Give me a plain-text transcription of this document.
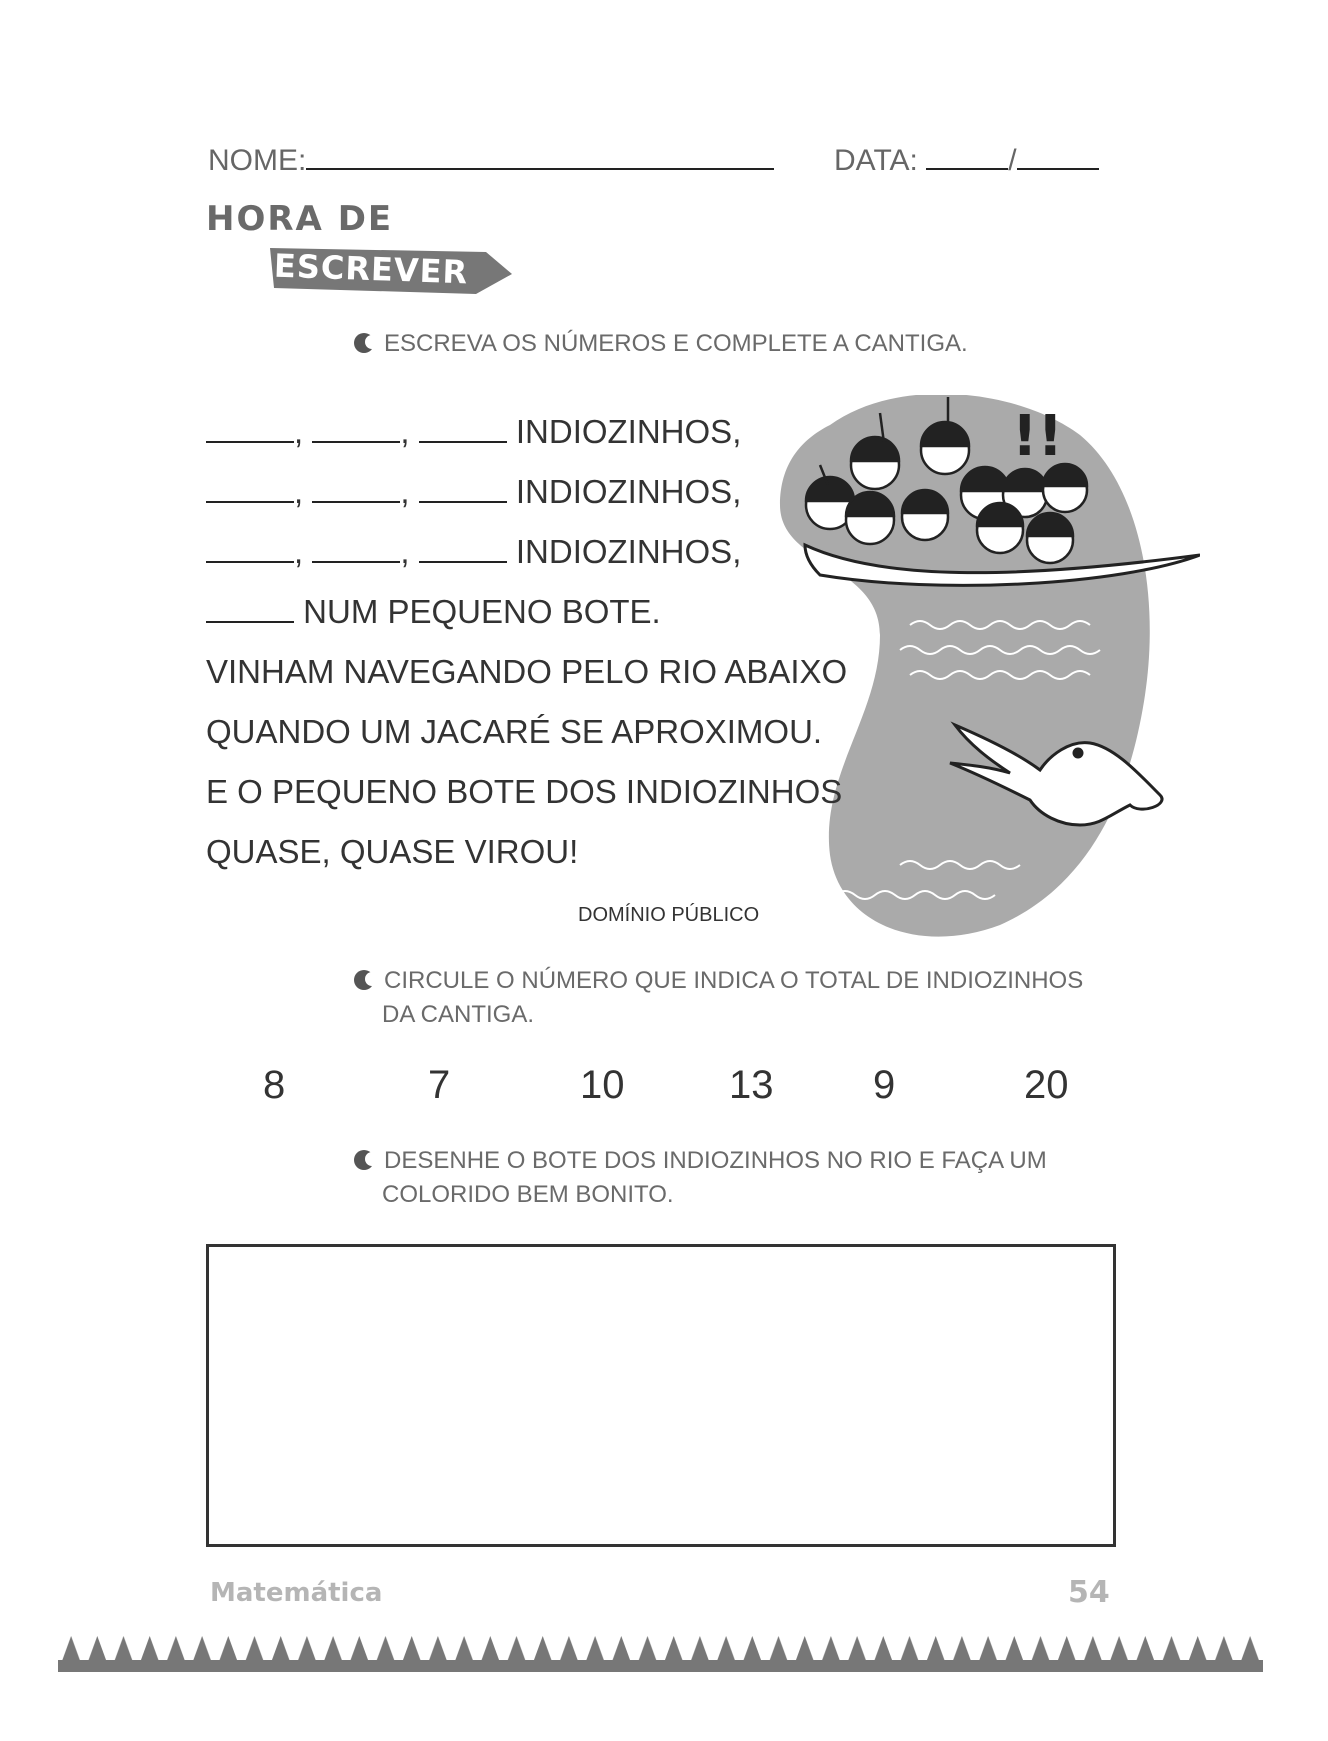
NOME:	DATA:	/
HORA DE
ESCREVER
ESCREVA OS NÚMEROS E COMPLETE A CANTIGA.
!!
,	,	INDIOZINHOS,
,	,	INDIOZINHOS,
,	,	INDIOZINHOS,
NUM PEQUENO BOTE.
VINHAM NAVEGANDO PELO RIO ABAIXO
QUANDO UM JACARÉ SE APROXIMOU.
E O PEQUENO BOTE DOS INDIOZINHOS
QUASE, QUASE VIROU!
DOMÍNIO PÚBLICO
CIRCULE O NÚMERO QUE INDICA O TOTAL DE INDIOZINHOS
DA CANTIGA.
8	7	10	13 9	20
DESENHE O BOTE DOS INDIOZINHOS NO RIO E FAÇA UM
COLORIDO BEM BONITO.
Matemática	54
